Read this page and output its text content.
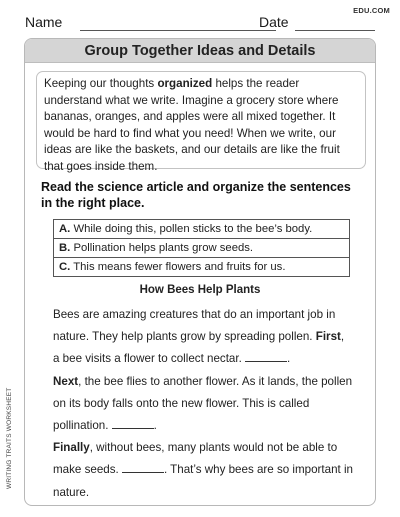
EDU.COM
Name	Date
WRITING TRAITS WORKSHEET
Group Together Ideas and Details
Keeping our thoughts organized helps the reader understand what we write. Imagine a grocery store where bananas, oranges, and apples were all mixed together. It would be hard to find what you need! When we write, our ideas are like the baskets, and our details are like the fruit that goes inside them.
Read the science article and organize the sentences in the right place.
A. While doing this, pollen sticks to the bee’s body.
B. Pollination helps plants grow seeds.
C. This means fewer flowers and fruits for us.
How Bees Help Plants

Bees are amazing creatures that do an important job in nature. They help plants grow by spreading pollen. First, a bee visits a flower to collect nectar.	.

Next, the bee flies to another flower. As it lands, the pollen on its body falls onto the new flower. This is called pollination.	.

Finally, without bees, many plants would not be able to make seeds.	. That’s why bees are so important in nature.
